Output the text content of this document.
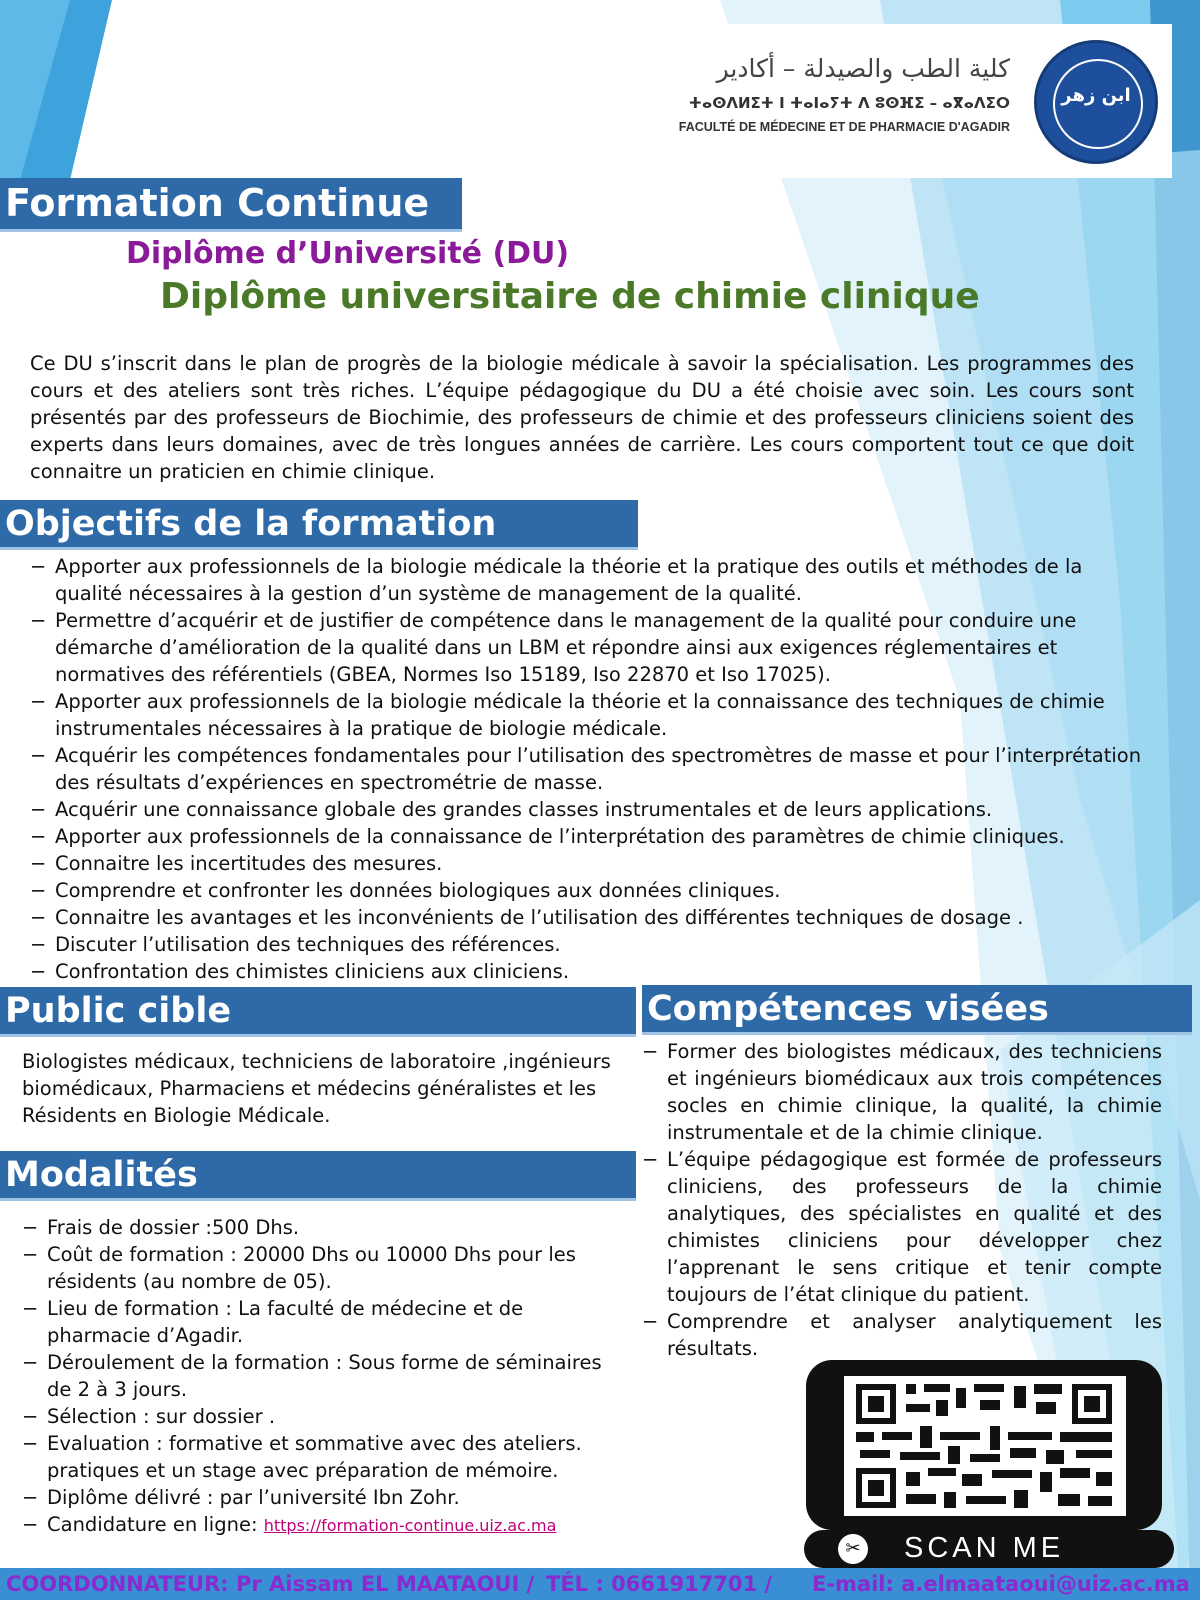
كلية الطب والصيدلة – أكادير
ⵜⴰⵙⴷⵍⵉⵜ ⵏ ⵜⴰⵏⴰⵢⵜ ⴷ ⵓⵙⴼⵉ – ⴰⴳⴰⴷⵉⵔ
FACULTÉ DE MÉDECINE ET DE PHARMACIE D'AGADIR
ابن زهر
Formation Continue
Diplôme d’Université (DU)
Diplôme universitaire de chimie clinique
Ce DU s’inscrit dans le plan de progrès de la biologie médicale à savoir la spécialisation. Les programmes des cours et des ateliers sont très riches. L’équipe pédagogique du DU a été choisie avec soin. Les cours sont présentés par des professeurs de Biochimie, des professeurs de chimie et des professeurs cliniciens soient des experts dans leurs domaines, avec de très longues années de carrière. Les cours comportent tout ce que doit connaitre un praticien en chimie clinique.
Objectifs de la formation
− Apporter aux professionnels de la biologie médicale la théorie et la pratique des outils et méthodes de la qualité nécessaires à la gestion d’un système de management de la qualité.
− Permettre d’acquérir et de justifier de compétence dans le management de la qualité pour conduire une démarche d’amélioration de la qualité dans un LBM et répondre ainsi aux exigences réglementaires et normatives des référentiels (GBEA, Normes Iso 15189, Iso 22870 et Iso 17025).
− Apporter aux professionnels de la biologie médicale la théorie et la connaissance des techniques de chimie instrumentales nécessaires à la pratique de biologie médicale.
− Acquérir les compétences fondamentales pour l’utilisation des spectromètres de masse et pour l’interprétation des résultats d’expériences en spectrométrie de masse.
− Acquérir une connaissance globale des grandes classes instrumentales et de leurs applications.
− Apporter aux professionnels de la connaissance de l’interprétation des paramètres de chimie cliniques.
− Connaitre les incertitudes des mesures.
− Comprendre et confronter les données biologiques aux données cliniques.
− Connaitre les avantages et les inconvénients de l’utilisation des différentes techniques de dosage .
− Discuter l’utilisation des techniques des références.
− Confrontation des chimistes cliniciens aux cliniciens.
Public cible
Biologistes médicaux, techniciens de laboratoire ,ingénieurs biomédicaux, Pharmaciens et médecins généralistes et les Résidents en Biologie Médicale.
Compétences visées
− Former des biologistes médicaux, des techniciens et ingénieurs biomédicaux aux trois compétences socles en chimie clinique, la qualité, la chimie instrumentale et de la chimie clinique.
− L’équipe pédagogique est formée de professeurs cliniciens, des professeurs de la chimie analytiques, des spécialistes en qualité et des chimistes cliniciens pour développer chez l’apprenant le sens critique et tenir compte toujours de l’état clinique du patient.
− Comprendre et analyser analytiquement les résultats.
Modalités
− Frais de dossier :500 Dhs.
− Coût de formation : 20000 Dhs ou 10000 Dhs pour les résidents (au nombre de 05).
− Lieu de formation : La faculté de médecine et de pharmacie d’Agadir.
− Déroulement de la formation : Sous forme de séminaires de 2 à 3 jours.
− Sélection : sur dossier .
− Evaluation : formative et sommative avec des ateliers. pratiques et un stage avec préparation de mémoire.
− Diplôme délivré : par l’université Ibn Zohr.
− Candidature en ligne: https://formation-continue.uiz.ac.ma
✂ SCAN ME
COORDONNATEUR: Pr Aissam EL MAATAOUI / TÉL : 0661917701 / E-mail: a.elmaataoui@uiz.ac.ma
